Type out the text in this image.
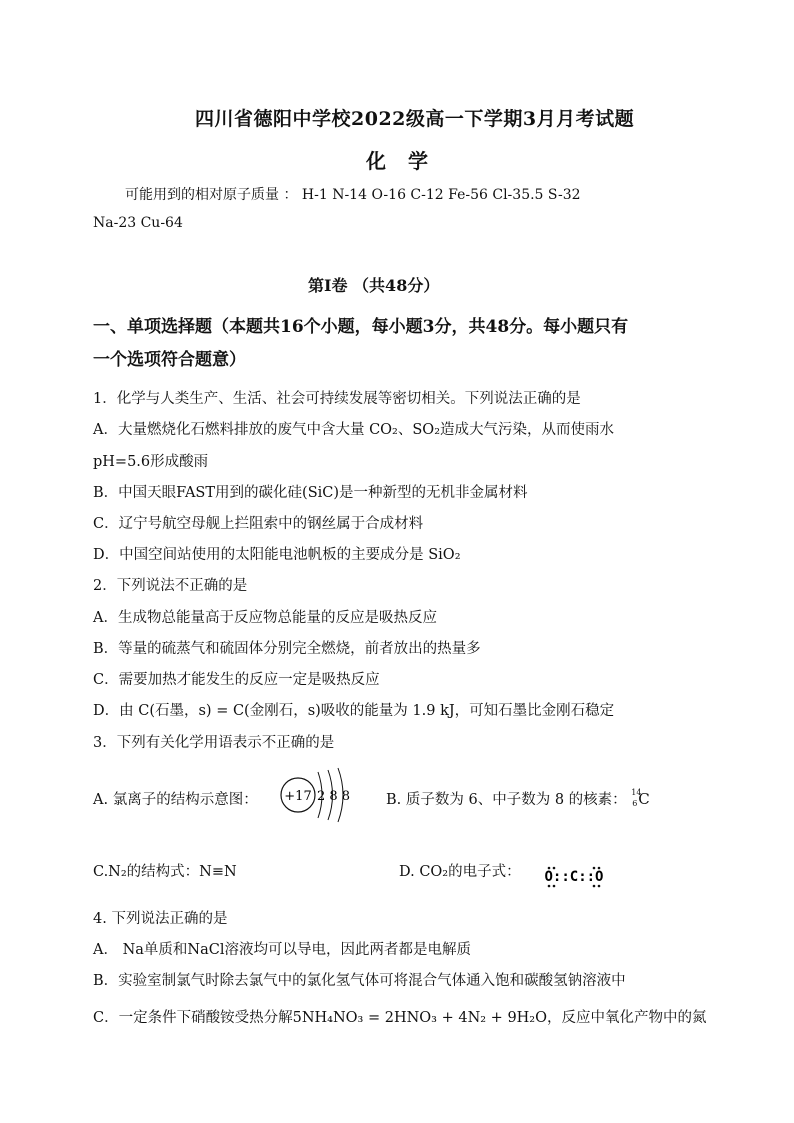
四川省德阳中学校2022级高一下学期3月月考试题
化学
可能用到的相对原子质量 ： H-1 N-14 O-16 C-12 Fe-56 Cl-35.5 S-32
Na-23 Cu-64
第Ⅰ卷 （共48分）
一、单项选择题（本题共16个小题，每小题3分，共48分。每小题只有
一个选项符合题意）
1．化学与人类生产、生活、社会可持续发展等密切相关。下列说法正确的是
A．大量燃烧化石燃料排放的废气中含大量 CO₂、SO₂造成大气污染，从而使雨水
pH=5.6形成酸雨
B．中国天眼FAST用到的碳化硅(SiC)是一种新型的无机非金属材料
C．辽宁号航空母舰上拦阻索中的钢丝属于合成材料
D．中国空间站使用的太阳能电池帆板的主要成分是 SiO₂
2．下列说法不正确的是
A．生成物总能量高于反应物总能量的反应是吸热反应
B．等量的硫蒸气和硫固体分别完全燃烧，前者放出的热量多
C．需要加热才能发生的反应一定是吸热反应
D．由 C(石墨，s) = C(金刚石，s)吸收的能量为 1.9 kJ，可知石墨比金刚石稳定
3．下列有关化学用语表示不正确的是
A. 氯离子的结构示意图： +17 2 8 8 B. 质子数为 6、中子数为 8 的核素： 14
6 C
C.N₂的结构式：N≡N	D. CO₂的电子式： O::C::O
4. 下列说法正确的是
A． Na单质和NaCl溶液均可以导电，因此两者都是电解质
B．实验室制氯气时除去氯气中的氯化氢气体可将混合气体通入饱和碳酸氢钠溶液中
C．一定条件下硝酸铵受热分解5NH₄NO₃ = 2HNO₃ + 4N₂ + 9H₂O，反应中氧化产物中的氮
